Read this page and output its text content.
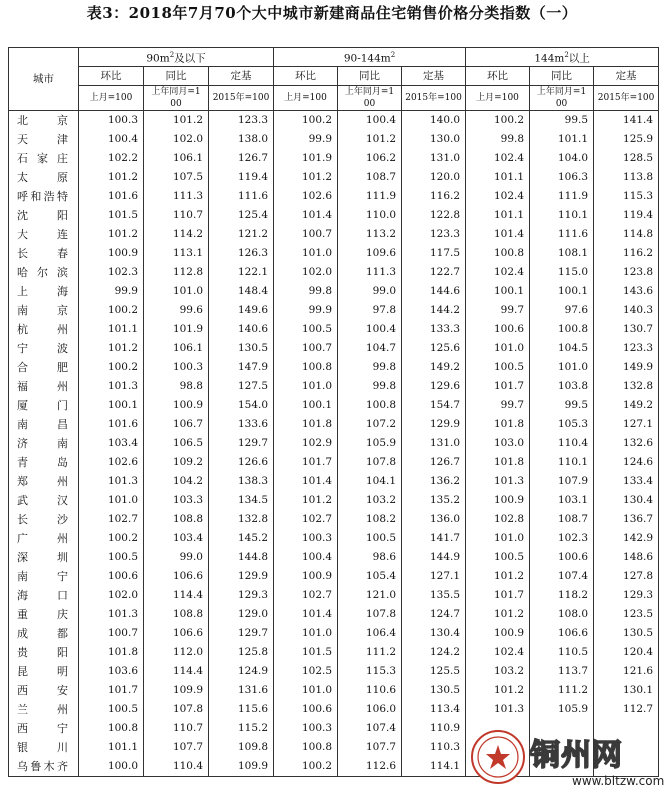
表3：2018年7月70个大中城市新建商品住宅销售价格分类指数（一）
城市	$90m^2$及以下			$90-144m^2$			$144m^2$以上		
	环比	同比	定基	环比	同比	定基	环比	同比	定基

	上月=100	上年同月=1
00	2015年=100	上月=100	上年同月=1
00	2015年=100	上月=100	上年同月=1
00	2015年=100

北京	100.3	101.2	123.3	100.2	100.4	140.0	100.2	99.5	141.4
天津	100.4	102.0	138.0	99.9	101.2	130.0	99.8	101.1	125.9
石家庄	102.2	106.1	126.7	101.9	106.2	131.0	102.4	104.0	128.5
太原	101.2	107.5	119.4	101.2	108.7	120.0	101.1	106.3	113.8
呼和浩特	101.6	111.3	111.6	102.6	111.9	116.2	102.4	111.9	115.3
沈阳	101.5	110.7	125.4	101.4	110.0	122.8	101.1	110.1	119.4
大连	101.2	114.2	121.2	100.7	113.2	123.3	101.4	111.6	114.8
长春	100.9	113.1	126.3	101.0	109.6	117.5	100.8	108.1	116.2
哈尔滨	102.3	112.8	122.1	102.0	111.3	122.7	102.4	115.0	123.8
上海	99.9	101.0	148.4	99.8	99.0	144.6	100.1	100.1	143.6
南京	100.2	99.6	149.6	99.9	97.8	144.2	99.7	97.6	140.3
杭州	101.1	101.9	140.6	100.5	100.4	133.3	100.6	100.8	130.7
宁波	101.2	106.1	130.5	100.7	104.7	125.6	101.0	104.5	123.3
合肥	100.2	100.3	147.9	100.8	99.8	149.2	100.5	101.0	149.9
福州	101.3	98.8	127.5	101.0	99.8	129.6	101.7	103.8	132.8
厦门	100.1	100.9	154.0	100.1	100.8	154.7	99.7	99.5	149.2
南昌	101.6	106.7	133.6	101.8	107.2	129.9	101.8	105.3	127.1
济南	103.4	106.5	129.7	102.9	105.9	131.0	103.0	110.4	132.6
青岛	102.6	109.2	126.6	101.7	107.8	126.7	101.8	110.1	124.6
郑州	101.3	104.2	138.3	101.4	104.1	136.2	101.3	107.9	133.4
武汉	101.0	103.3	134.5	101.2	103.2	135.2	100.9	103.1	130.4
长沙	102.7	108.8	132.8	102.7	108.2	136.0	102.8	108.7	136.7
广州	100.2	103.4	145.2	100.3	100.5	141.7	101.0	102.3	142.9
深圳	100.5	99.0	144.8	100.4	98.6	144.9	100.5	100.6	148.6
南宁	100.6	106.6	129.9	100.9	105.4	127.1	101.2	107.4	127.8
海口	102.0	114.4	129.3	102.7	121.0	135.5	101.7	118.2	129.3
重庆	101.3	108.8	129.0	101.4	107.8	124.7	101.2	108.0	123.5
成都	100.7	106.6	129.7	101.0	106.4	130.4	100.9	106.6	130.5
贵阳	101.8	112.0	125.8	101.5	111.2	124.2	102.4	110.5	120.4
昆明	103.6	114.4	124.9	102.5	115.3	125.5	103.2	113.7	121.6
西安	101.7	109.9	131.6	101.0	110.6	130.5	101.2	111.2	130.1
兰州	100.5	107.8	115.6	100.6	106.0	113.4	101.3	105.9	112.7
西宁	100.8	110.7	115.2	100.3	107.4	110.9			
银川	101.1	107.7	109.8	100.8	107.7	110.3			
乌鲁木齐	100.0	110.4	109.9	100.2	112.6	114.1			铜州网
www.bltzw.com
